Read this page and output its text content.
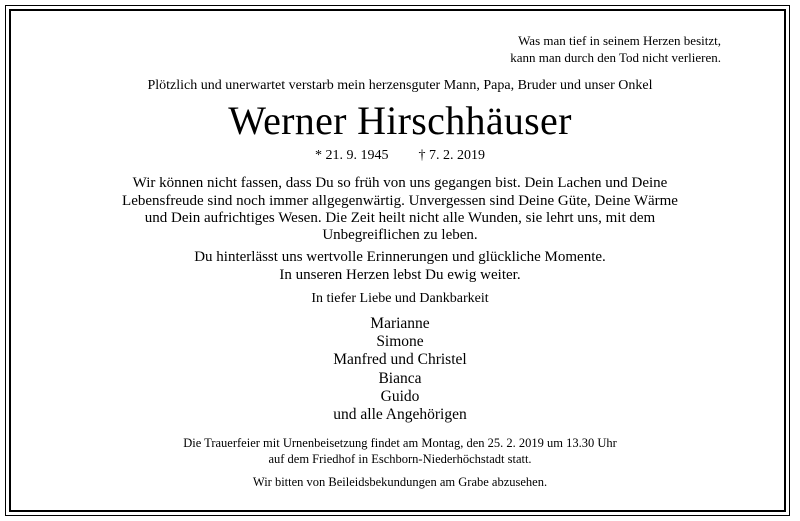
Was man tief in seinem Herzen besitzt,
kann man durch den Tod nicht verlieren.
Plötzlich und unerwartet verstarb mein herzensguter Mann, Papa, Bruder und unser Onkel
Werner Hirschhäuser
* 21. 9. 1945 † 7. 2. 2019
Wir können nicht fassen, dass Du so früh von uns gegangen bist. Dein Lachen und Deine
Lebensfreude sind noch immer allgegenwärtig. Unvergessen sind Deine Güte, Deine Wärme
und Dein aufrichtiges Wesen. Die Zeit heilt nicht alle Wunden, sie lehrt uns, mit dem
Unbegreiflichen zu leben.
Du hinterlässt uns wertvolle Erinnerungen und glückliche Momente.
In unseren Herzen lebst Du ewig weiter.
In tiefer Liebe und Dankbarkeit
Marianne
Simone
Manfred und Christel
Bianca
Guido
und alle Angehörigen
Die Trauerfeier mit Urnenbeisetzung findet am Montag, den 25. 2. 2019 um 13.30 Uhr
auf dem Friedhof in Eschborn-Niederhöchstadt statt.
Wir bitten von Beileidsbekundungen am Grabe abzusehen.
